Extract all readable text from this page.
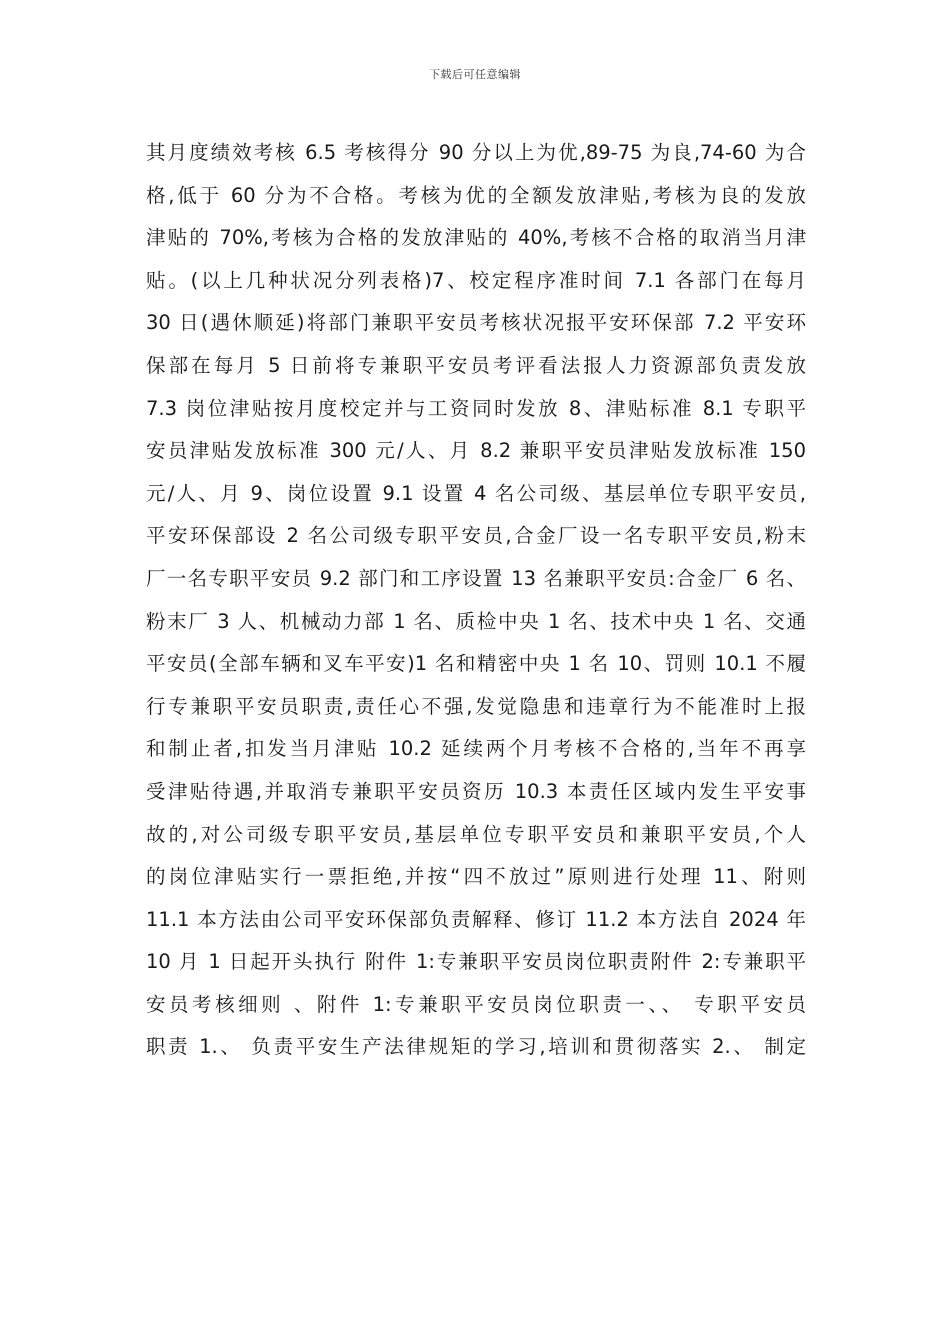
下载后可任意编辑
其月度绩效考核 6.5 考核得分 90 分以上为优,89-75 为良,74-60 为合
格,低于 60 分为不合格。考核为优的全额发放津贴,考核为良的发放
津贴的 70%,考核为合格的发放津贴的 40%,考核不合格的取消当月津
贴。(以上几种状况分列表格)7、校定程序准时间 7.1 各部门在每月
30 日(遇休顺延)将部门兼职平安员考核状况报平安环保部 7.2 平安环
保部在每月 5 日前将专兼职平安员考评看法报人力资源部负责发放
7.3 岗位津贴按月度校定并与工资同时发放 8、津贴标准 8.1 专职平
安员津贴发放标准 300 元/人、月 8.2 兼职平安员津贴发放标准 150
元/人、月 9、岗位设置 9.1 设置 4 名公司级、基层单位专职平安员,
平安环保部设 2 名公司级专职平安员,合金厂设一名专职平安员,粉末
厂一名专职平安员 9.2 部门和工序设置 13 名兼职平安员:合金厂 6 名、
粉末厂 3 人、机械动力部 1 名、质检中央 1 名、技术中央 1 名、交通
平安员(全部车辆和叉车平安)1 名和精密中央 1 名 10、罚则 10.1 不履
行专兼职平安员职责,责任心不强,发觉隐患和违章行为不能准时上报
和制止者,扣发当月津贴 10.2 延续两个月考核不合格的,当年不再享
受津贴待遇,并取消专兼职平安员资历 10.3 本责任区域内发生平安事
故的,对公司级专职平安员,基层单位专职平安员和兼职平安员,个人
的岗位津贴实行一票拒绝,并按“四不放过”原则进行处理 11、附则
11.1 本方法由公司平安环保部负责解释、修订 11.2 本方法自 2024 年
10 月 1 日起开头执行 附件 1:专兼职平安员岗位职责附件 2:专兼职平
安员考核细则 、附件 1:专兼职平安员岗位职责一、、 专职平安员
职责 1.、 负责平安生产法律规矩的学习,培训和贯彻落实 2.、 制定
